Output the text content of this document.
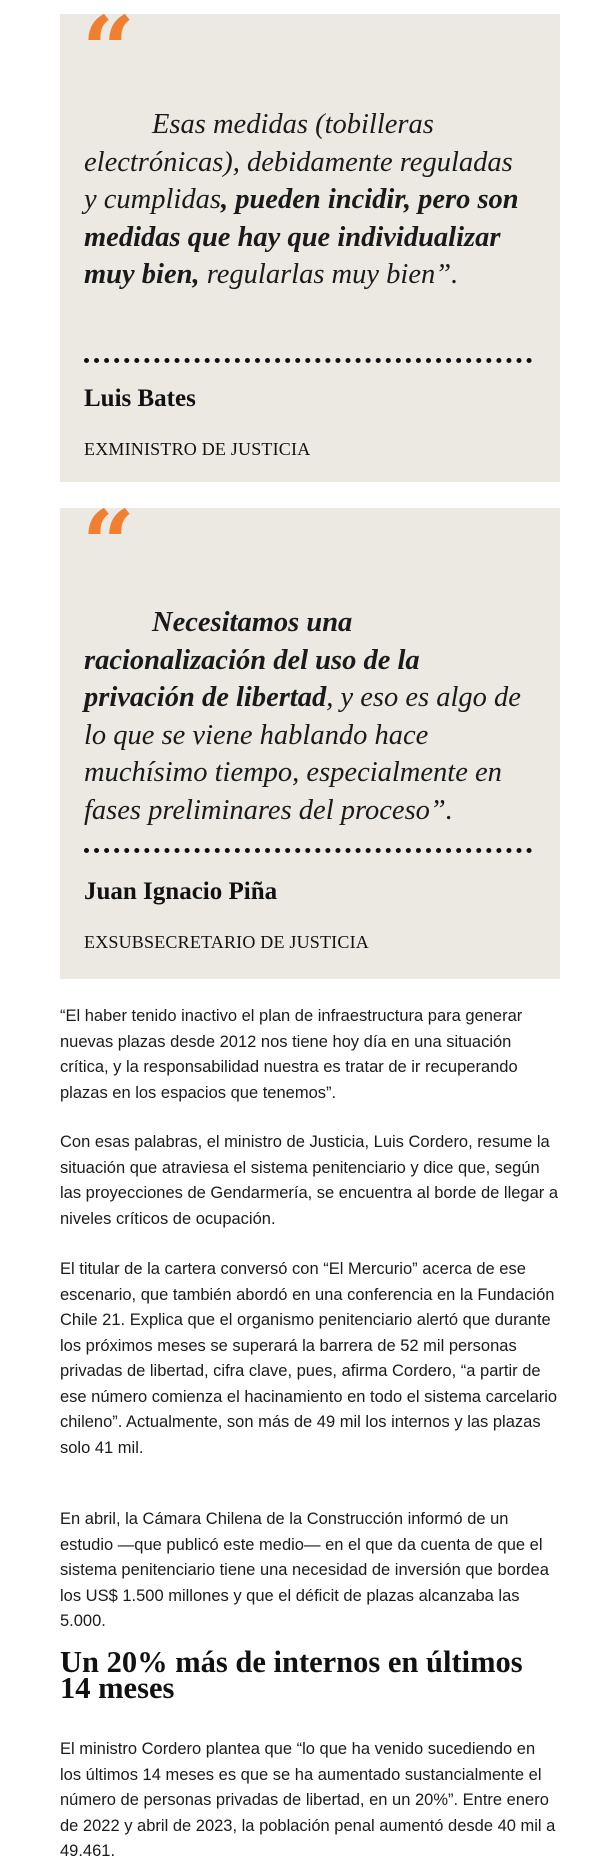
“

Esas medidas (tobilleras electrónicas), debidamente reguladas y cumplidas, pueden incidir, pero son medidas que hay que individualizar muy bien, regularlas muy bien”.

Luis Bates
EXMINISTRO DE JUSTICIA
“

Necesitamos una racionalización del uso de la privación de libertad, y eso es algo de lo que se viene hablando hace muchísimo tiempo, especialmente en fases preliminares del proceso”.

Juan Ignacio Piña
EXSUBSECRETARIO DE JUSTICIA

“El haber tenido inactivo el plan de infraestructura para generar nuevas plazas desde 2012 nos tiene hoy día en una situación crítica, y la responsabilidad nuestra es tratar de ir recuperando plazas en los espacios que tenemos”.

Con esas palabras, el ministro de Justicia, Luis Cordero, resume la situación que atraviesa el sistema penitenciario y dice que, según las proyecciones de Gendarmería, se encuentra al borde de llegar a niveles críticos de ocupación.

El titular de la cartera conversó con “El Mercurio” acerca de ese escenario, que también abordó en una conferencia en la Fundación Chile 21. Explica que el organismo penitenciario alertó que durante los próximos meses se superará la barrera de 52 mil personas privadas de libertad, cifra clave, pues, afirma Cordero, “a partir de ese número comienza el hacinamiento en todo el sistema carcelario chileno”. Actualmente, son más de 49 mil los internos y las plazas solo 41 mil.

En abril, la Cámara Chilena de la Construcción informó de un estudio —que publicó este medio— en el que da cuenta de que el sistema penitenciario tiene una necesidad de inversión que bordea los US$ 1.500 millones y que el déficit de plazas alcanzaba las 5.000.

Un 20% más de internos en últimos 14 meses

El ministro Cordero plantea que “lo que ha venido sucediendo en los últimos 14 meses es que se ha aumentado sustancialmente el número de personas privadas de libertad, en un 20%”. Entre enero de 2022 y abril de 2023, la población penal aumentó desde 40 mil a 49.461.
